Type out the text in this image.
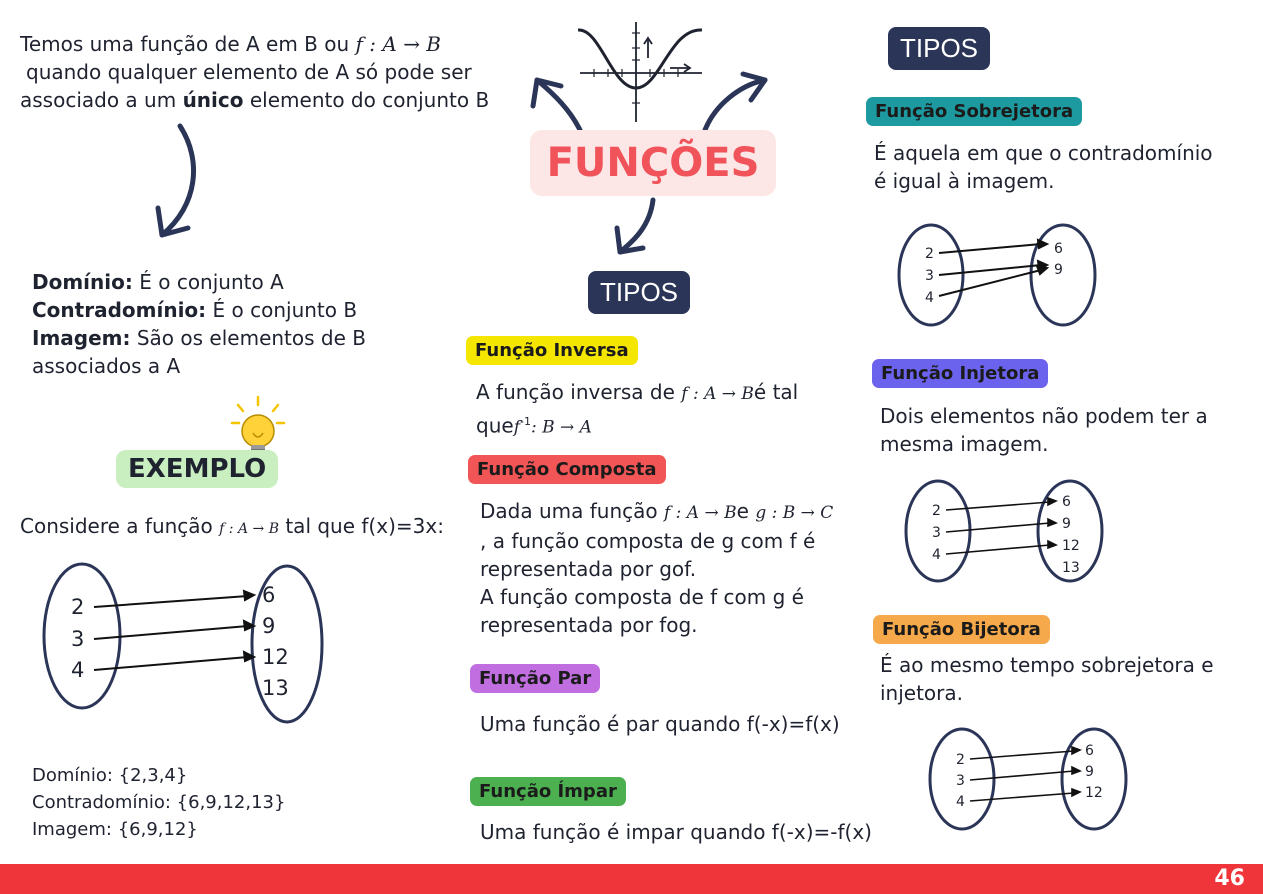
Temos uma função de A em B ou f : A → B
quando qualquer elemento de A só pode ser
associado a um único elemento do conjunto B
Domínio: É o conjunto A
Contradomínio: É o conjunto B
Imagem: São os elementos de B
associados a A
EXEMPLO
Considere a função f : A → B tal que f(x)=3x:
2
3
4
6
9
12
13
Domínio: {2,3,4}
Contradomínio: {6,9,12,13}
Imagem: {6,9,12}
FUNÇÕES
TIPOS
TIPOS
Função Inversa
A função inversa de f : A → Bé tal
quef$^{-1}$: B → A
Função Composta
Dada uma função f : A → Be g : B → C
, a função composta de g com f é
representada por gof.
A função composta de f com g é
representada por fog.
Função Par
Uma função é par quando f(-x)=f(x)
Função Ímpar
Uma função é impar quando f(-x)=-f(x)
Função Sobrejetora
É aquela em que o contradomínio
é igual à imagem.
2
3
4
6
9
Função Injetora
Dois elementos não podem ter a
mesma imagem.
2
3
4
6
9
12
13
Função Bijetora
É ao mesmo tempo sobrejetora e
injetora.
2
3
4
6
9
12
46
